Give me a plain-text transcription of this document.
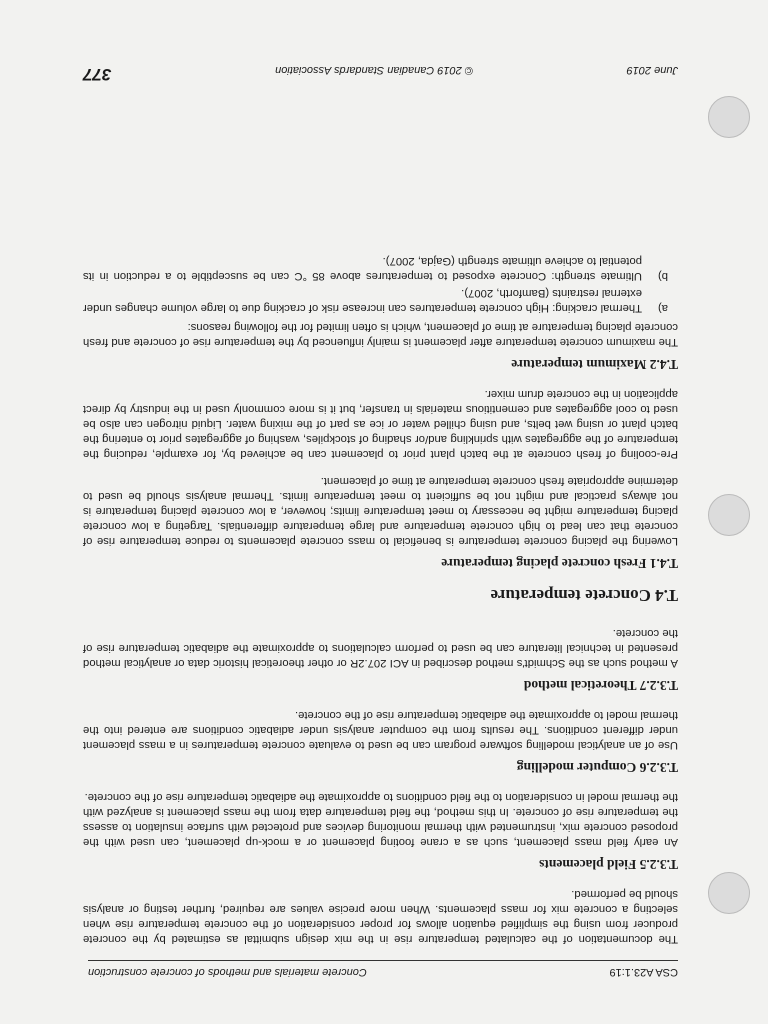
CSA A23.1:19
Concrete materials and methods of concrete construction

The documentation of the calculated temperature rise in the mix design submittal as estimated by the concrete producer from using the simplified equation allows for proper consideration of the concrete temperature rise when selecting a concrete mix for mass placements. When more precise values are required, further testing or analysis should be performed.

T.3.2.5 Field placements

An early field mass placement, such as a crane footing placement or a mock-up placement, can used with the proposed concrete mix, instrumented with thermal monitoring devices and protected with surface insulation to assess the temperature rise of concrete. In this method, the field temperature data from the mass placement is analyzed with the thermal model in consideration to the field conditions to approximate the adiabatic temperature rise of the concrete.

T.3.2.6 Computer modelling

Use of an analytical modelling software program can be used to evaluate concrete temperatures in a mass placement under different conditions. The results from the computer analysis under adiabatic conditions are entered into the thermal model to approximate the adiabatic temperature rise of the concrete.

T.3.2.7 Theoretical method

A method such as the Schmidt's method described in ACI 207.2R or other theoretical historic data or analytical method presented in technical literature can be used to perform calculations to approximate the adiabatic temperature rise of the concrete.

T.4 Concrete temperature
T.4.1 Fresh concrete placing temperature

Lowering the placing concrete temperature is beneficial to mass concrete placements to reduce temperature rise of concrete that can lead to high concrete temperature and large temperature differentials. Targeting a low concrete placing temperature might be necessary to meet temperature limits; however, a low concrete placing temperature is not always practical and might not be sufficient to meet temperature limits. Thermal analysis should be used to determine appropriate fresh concrete temperature at time of placement.

Pre-cooling of fresh concrete at the batch plant prior to placement can be achieved by, for example, reducing the temperature of the aggregates with sprinkling and/or shading of stockpiles, washing of aggregates prior to entering the batch plant or using wet belts, and using chilled water or ice as part of the mixing water. Liquid nitrogen can also be used to cool aggregates and cementitious materials in transfer, but it is more commonly used in the industry by direct application in the concrete drum mixer.

T.4.2 Maximum temperature

The maximum concrete temperature after placement is mainly influenced by the temperature rise of concrete and fresh concrete placing temperature at time of placement, which is often limited for the following reasons:

a)
Thermal cracking: High concrete temperatures can increase risk of cracking due to large volume changes under external restraints (Bamforth, 2007).
b)
Ultimate strength: Concrete exposed to temperatures above 85 °C can be susceptible to a reduction in its potential to achieve ultimate strength (Gajda, 2007).
June 2019
© 2019 Canadian Standards Association
377
